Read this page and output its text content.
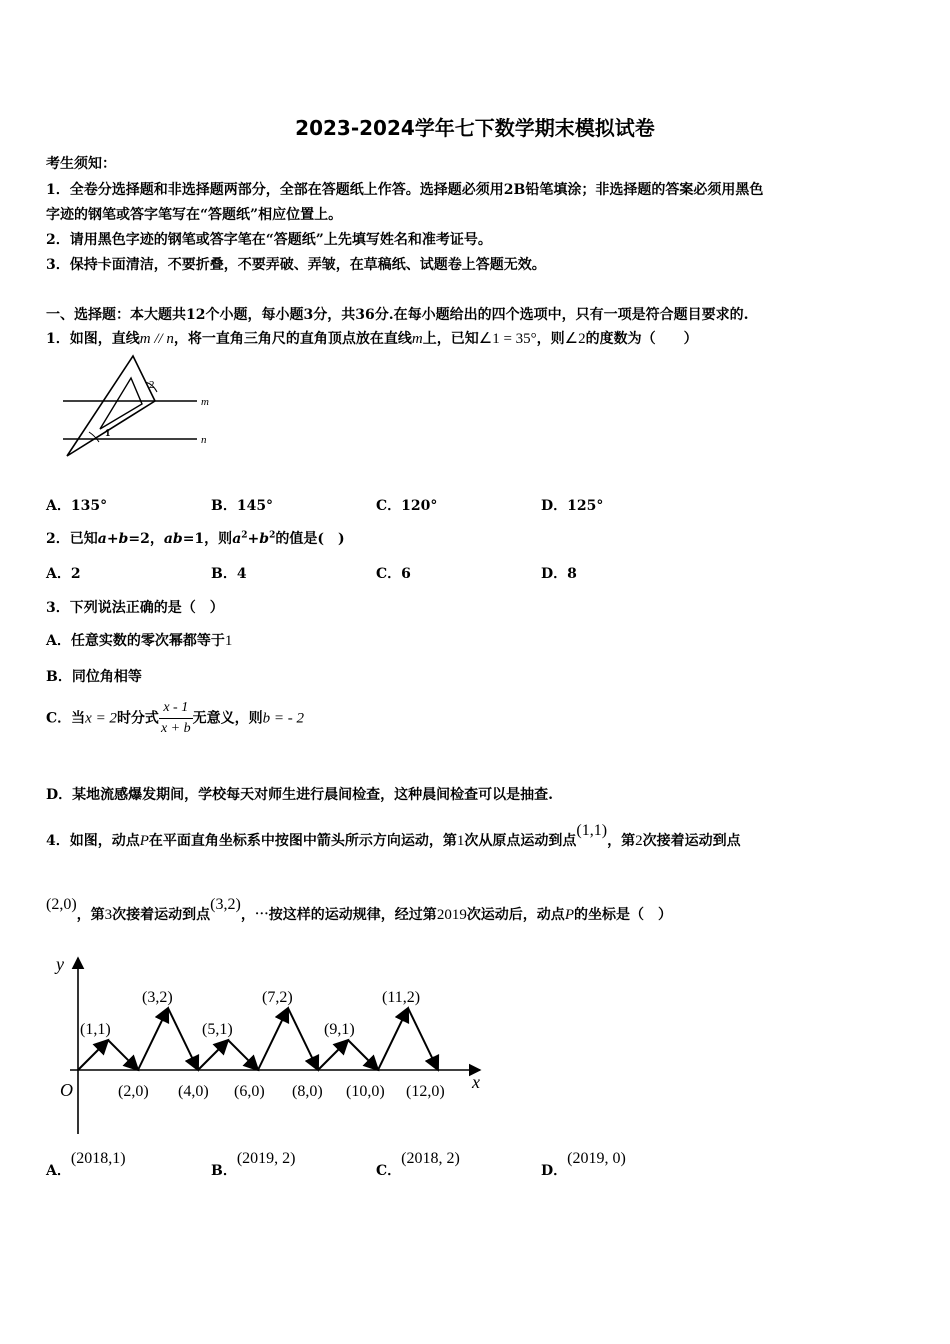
2023-2024学年七下数学期末模拟试卷
考生须知：
1．全卷分选择题和非选择题两部分，全部在答题纸上作答。选择题必须用2B铅笔填涂；非选择题的答案必须用黑色
字迹的钢笔或答字笔写在“答题纸”相应位置上。
2．请用黑色字迹的钢笔或答字笔在“答题纸”上先填写姓名和准考证号。
3．保持卡面清洁，不要折叠，不要弄破、弄皱，在草稿纸、试题卷上答题无效。
一、选择题：本大题共12个小题，每小题3分，共36分.在每小题给出的四个选项中，只有一项是符合题目要求的.
1．如图，直线m // n，将一直角三角尺的直角顶点放在直线m上，已知∠1 = 35°，则∠2的度数为（　　）
2
1
m
n
A．135°	B．145°	C．120°	D．125°
2．已知a+b=2，ab=1，则$a^2+b^2$的值是(　)
A．2	B．4	C．6	D．8
3．下列说法正确的是（　）
A．任意实数的零次幂都等于1
B．同位角相等
C．当x = 2时分式 $\frac{x - 1}{x + b}$ 无意义，则b = - 2
D．某地流感爆发期间，学校每天对师生进行晨间检查，这种晨间检查可以是抽查.
4．如图，动点P在平面直角坐标系中按图中箭头所示方向运动，第1次从原点运动到点(1,1)，第2次接着运动到点
(2,0)，第3次接着运动到点(3,2)，⋯按这样的运动规律，经过第2019次运动后，动点P的坐标是（　）
y
x
O
(1,1)
(3,2)
(5,1)
(7,2)
(9,1)
(11,2)
(2,0) (4,0) (6,0) (8,0) (10,0) (12,0)
A．(2018,1)
B．(2019, 2)
C．(2018, 2)
D．(2019, 0)
